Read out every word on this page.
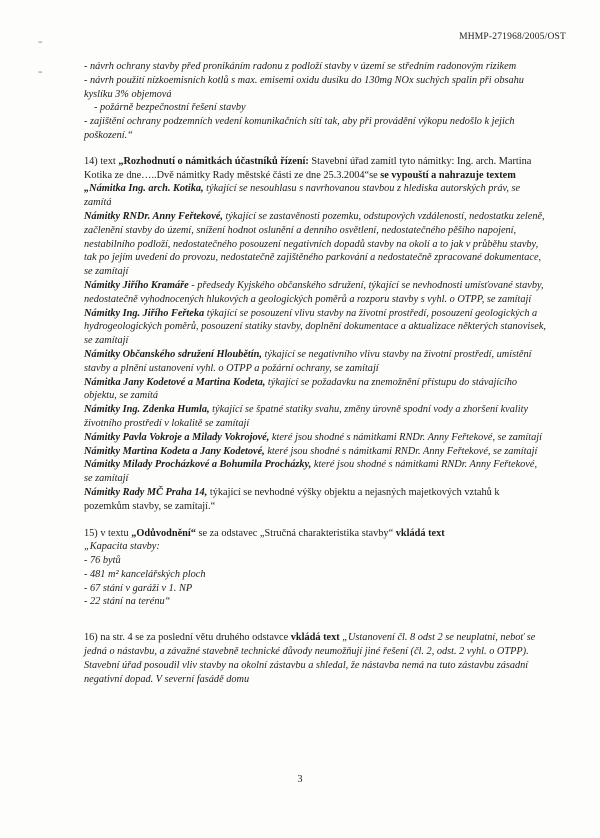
MHMP-271968/2005/OST
=
=

- návrh ochrany stavby před pronikáním radonu z podloží stavby v území se středním radonovým rizikem

- návrh použití nízkoemisních kotlů s max. emisemi oxidu dusíku do 130mg NOx suchých spalin při obsahu kyslíku 3% objemová

- požárně bezpečnostní řešení stavby

- zajištění ochrany podzemních vedení komunikačních sítí tak, aby při provádění výkopu nedošlo k jejich poškození.“

14) text „Rozhodnutí o námitkách účastníků řízení: Stavební úřad zamítl tyto námitky: Ing. arch. Martina Kotika ze dne…..Dvě námitky Rady městské části ze dne 25.3.2004“se se vypouští a nahrazuje textem „Námitka Ing. arch. Kotika, týkající se nesouhlasu s navrhovanou stavbou z hlediska autorských práv, se zamítá

Námitky RNDr. Anny Feřtekové, týkající se zastavěnosti pozemku, odstupových vzdáleností, nedostatku zeleně, začlenění stavby do území, snížení hodnot oslunění a denního osvětlení, nedostatečného pěšího napojení, nestabilního podloží, nedostatečného posouzení negativních dopadů stavby na okolí a to jak v průběhu stavby, tak po jejím uvedení do provozu, nedostatečně zajištěného parkování a nedostatečně zpracované dokumentace, se zamítají

Námitky Jiřího Kramáře - předsedy Kyjského občanského sdružení, týkající se nevhodnosti umísťované stavby, nedostatečně vyhodnocených hlukových a geologických poměrů a rozporu stavby s vyhl. o OTPP, se zamítají

Námitky Ing. Jiřího Feřteka týkající se posouzení vlivu stavby na životní prostředí, posouzení geologických a hydrogeologických poměrů, posouzení statiky stavby, doplnění dokumentace a aktualizace některých stanovisek, se zamítají

Námitky Občanského sdružení Hloubětín, týkající se negativního vlivu stavby na životní prostředí, umístění stavby a plnění ustanovení vyhl. o OTPP a požární ochrany, se zamítají

Námitka Jany Kodetové a Martina Kodeta, týkající se požadavku na znemožnění přístupu do stávajícího objektu, se zamítá

Námitky Ing. Zdenka Humla, týkající se špatné statiky svahu, změny úrovně spodní vody a zhoršení kvality životního prostředí v lokalitě se zamítají

Námitky Pavla Vokroje a Milady Vokrojové, které jsou shodné s námitkami RNDr. Anny Feřtekové, se zamítají

Námitky Martina Kodeta a Jany Kodetové, které jsou shodné s námitkami RNDr. Anny Feřtekové, se zamítají

Námitky Milady Procházkové a Bohumila Procházky, které jsou shodné s námitkami RNDr. Anny Feřtekové, se zamítají

Námitky Rady MČ Praha 14, týkající se nevhodné výšky objektu a nejasných majetkových vztahů k pozemkům stavby, se zamítají.“

15) v textu „Odůvodnění“ se za odstavec „Stručná charakteristika stavby“ vkládá text

„Kapacita stavby:

- 76 bytů

- 481 m² kancelářských ploch

- 67 stání v garáži v 1. NP

- 22 stání na terénu“

16) na str. 4 se za poslední větu druhého odstavce vkládá text „Ustanovení čl. 8 odst 2 se neuplatní, neboť se jedná o nástavbu, a závažné stavebně technické důvody neumožňují jiné řešení (čl. 2, odst. 2 vyhl. o OTPP). Stavební úřad posoudil vliv stavby na okolní zástavbu a shledal, že nástavba nemá na tuto zástavbu zásadní negativní dopad. V severní fasádě domu

3
